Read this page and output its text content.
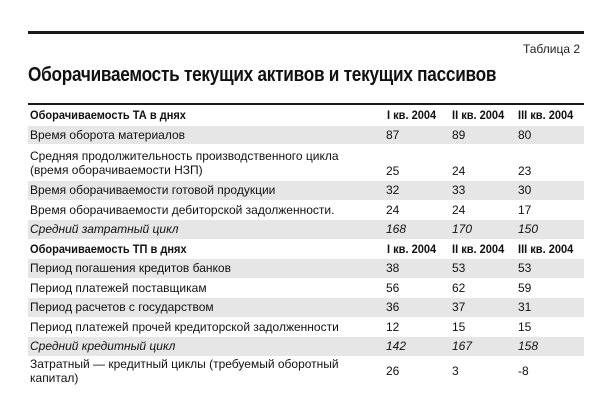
Таблица 2
Оборачиваемость текущих активов и текущих пассивов
Оборачиваемость ТА в днях	I кв. 2004	II кв. 2004	III кв. 2004
Время оборота материалов	87	89	80

Средняя продолжительность производственного цикла
(время оборачиваемости НЗП)	25	24	23
Время оборачиваемости готовой продукции	32	33	30
Время оборачиваемости дебиторской задолженности.	24	24	17
Средний затратный цикл	168	170	150
Оборачиваемость ТП в днях	I кв. 2004	II кв. 2004	III кв. 2004
Период погашения кредитов банков	38	53	53
Период платежей поставщикам	56	62	59
Период расчетов с государством	36	37	31
Период платежей прочей кредиторской задолженности	12	15	15
Средний кредитный цикл	142	167	158
Затратный — кредитный циклы (требуемый оборотный капитал)	26	3	-8
